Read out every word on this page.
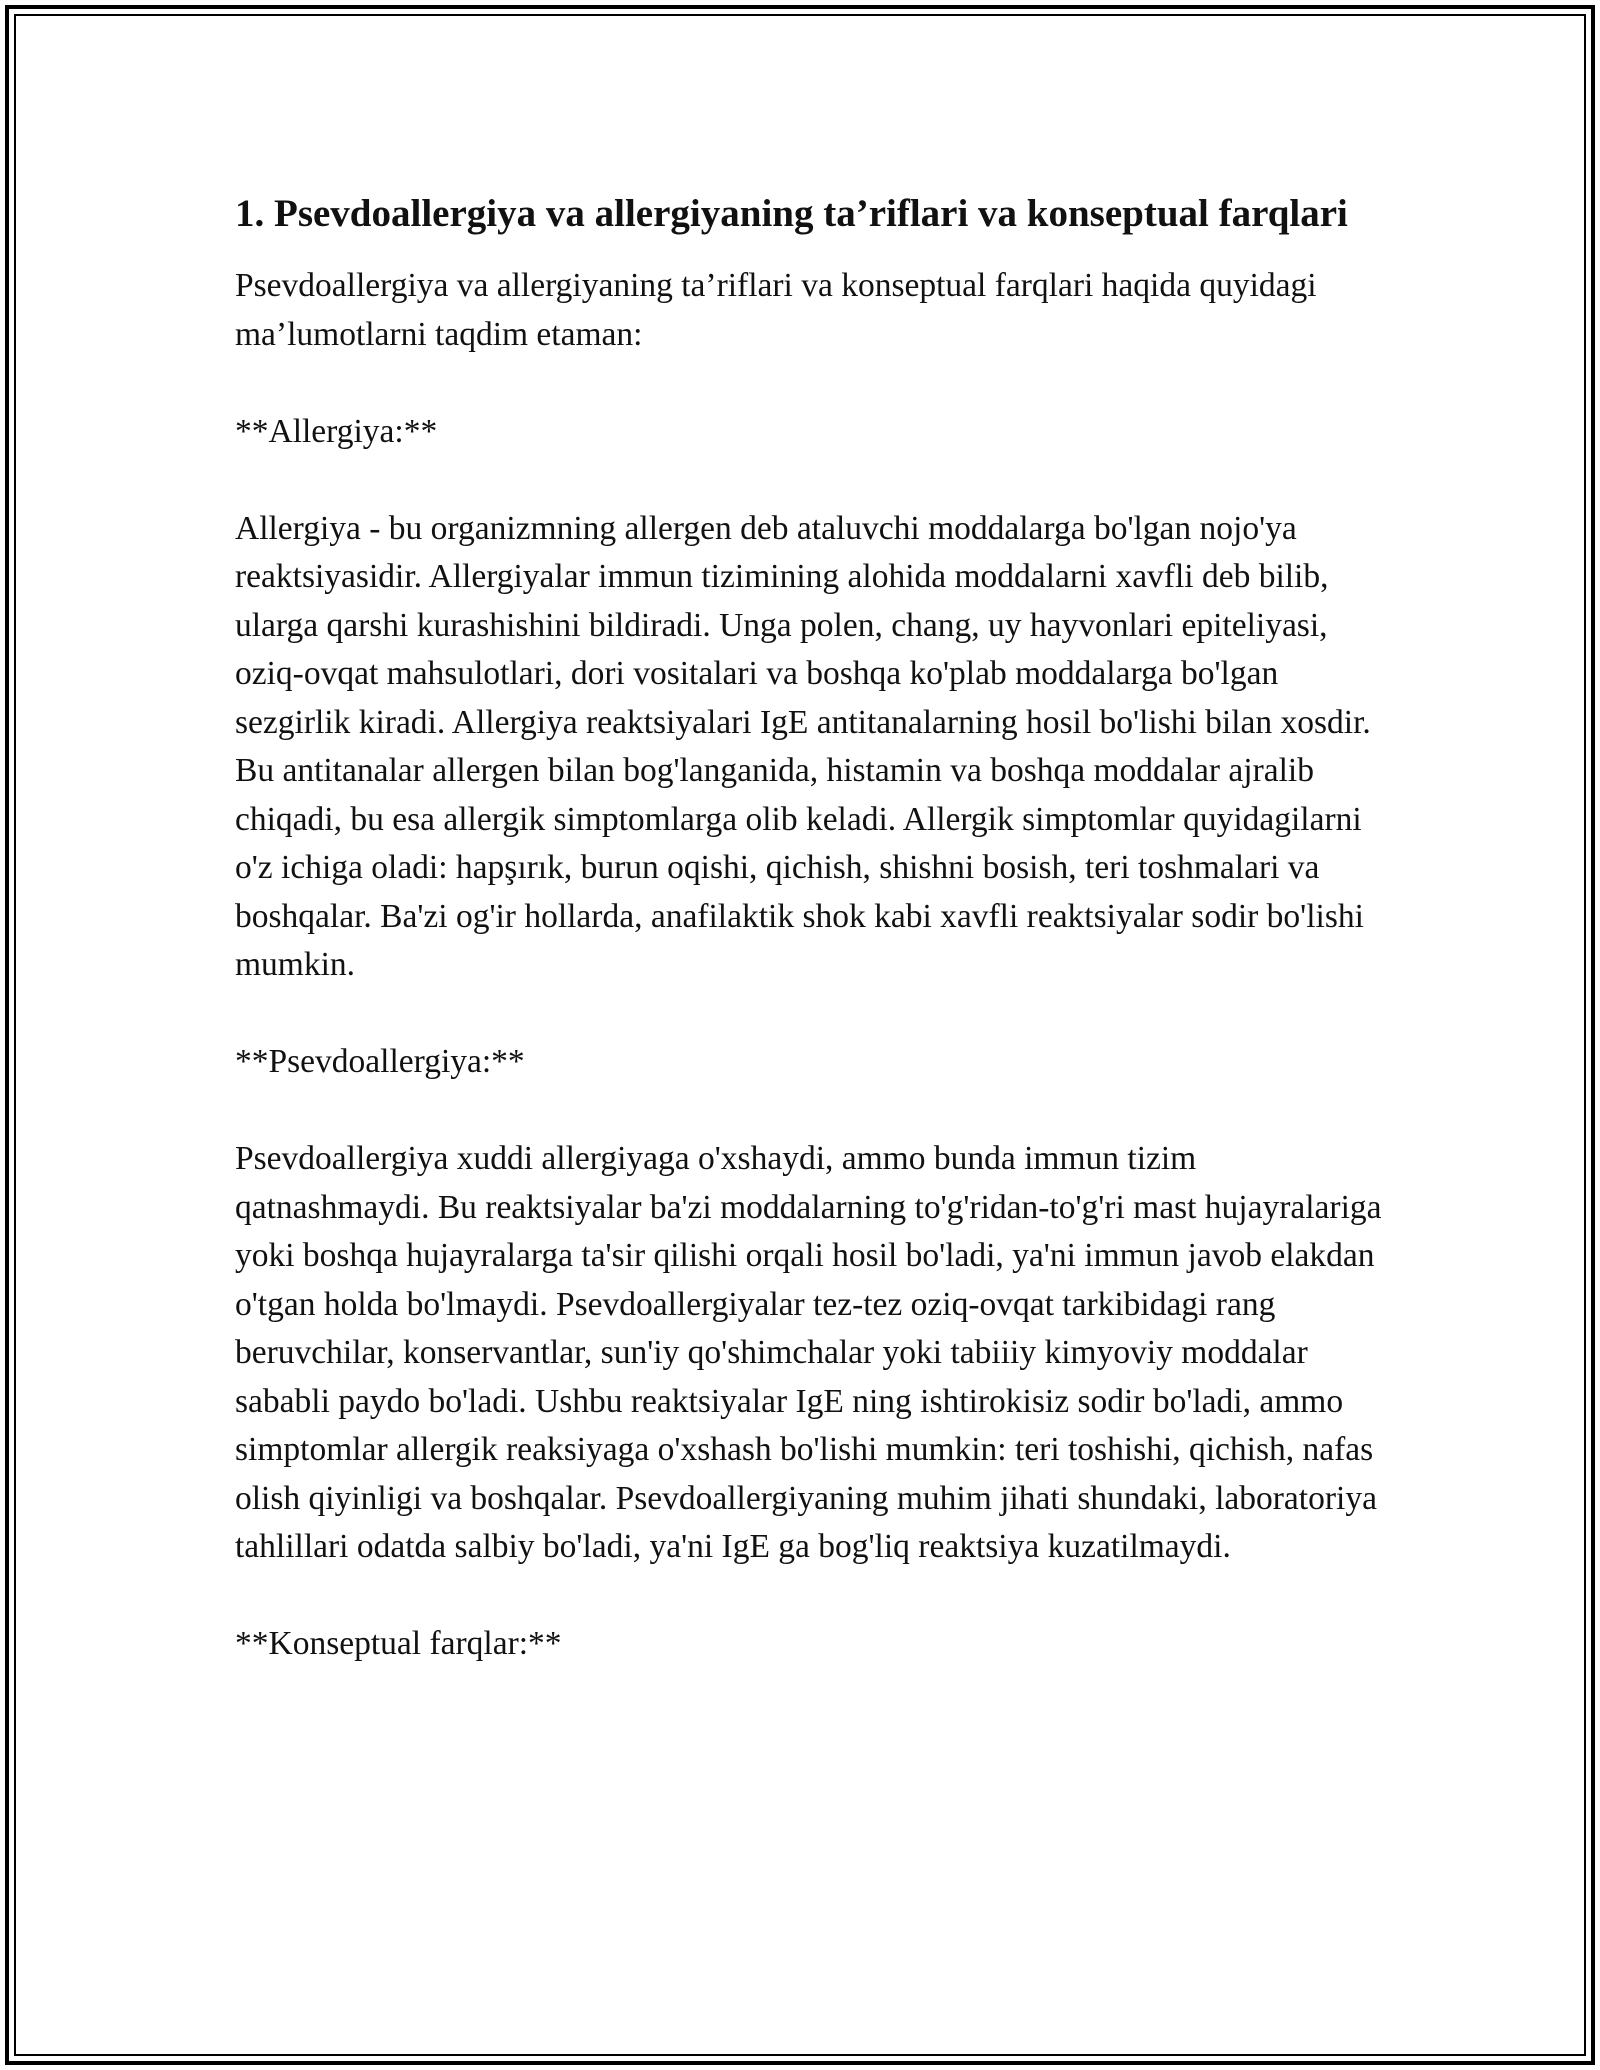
1. Psevdoallergiya va allergiyaning ta’riflari va konseptual farqlari

Psevdoallergiya va allergiyaning ta’riflari va konseptual farqlari haqida quyidagi ma’lumotlarni taqdim etaman:

**Allergiya:**

Allergiya - bu organizmning allergen deb ataluvchi moddalarga bo'lgan nojo'ya reaktsiyasidir. Allergiyalar immun tizimining alohida moddalarni xavfli deb bilib, ularga qarshi kurashishini bildiradi. Unga polen, chang, uy hayvonlari epiteliyasi, oziq-ovqat mahsulotlari, dori vositalari va boshqa ko'plab moddalarga bo'lgan sezgirlik kiradi. Allergiya reaktsiyalari IgE antitanalarning hosil bo'lishi bilan xosdir. Bu antitanalar allergen bilan bog'langanida, histamin va boshqa moddalar ajralib chiqadi, bu esa allergik simptomlarga olib keladi. Allergik simptomlar quyidagilarni o'z ichiga oladi: hapşırık, burun oqishi, qichish, shishni bosish, teri toshmalari va boshqalar. Ba'zi og'ir hollarda, anafilaktik shok kabi xavfli reaktsiyalar sodir bo'lishi mumkin.

**Psevdoallergiya:**

Psevdoallergiya xuddi allergiyaga o'xshaydi, ammo bunda immun tizim qatnashmaydi. Bu reaktsiyalar ba'zi moddalarning to'g'ridan-to'g'ri mast hujayralariga yoki boshqa hujayralarga ta'sir qilishi orqali hosil bo'ladi, ya'ni immun javob elakdan o'tgan holda bo'lmaydi. Psevdoallergiyalar tez-tez oziq-ovqat tarkibidagi rang beruvchilar, konservantlar, sun'iy qo'shimchalar yoki tabiiiy kimyoviy moddalar sababli paydo bo'ladi. Ushbu reaktsiyalar IgE ning ishtirokisiz sodir bo'ladi, ammo simptomlar allergik reaksiyaga o'xshash bo'lishi mumkin: teri toshishi, qichish, nafas olish qiyinligi va boshqalar. Psevdoallergiyaning muhim jihati shundaki, laboratoriya tahlillari odatda salbiy bo'ladi, ya'ni IgE ga bog'liq reaktsiya kuzatilmaydi.

**Konseptual farqlar:**
